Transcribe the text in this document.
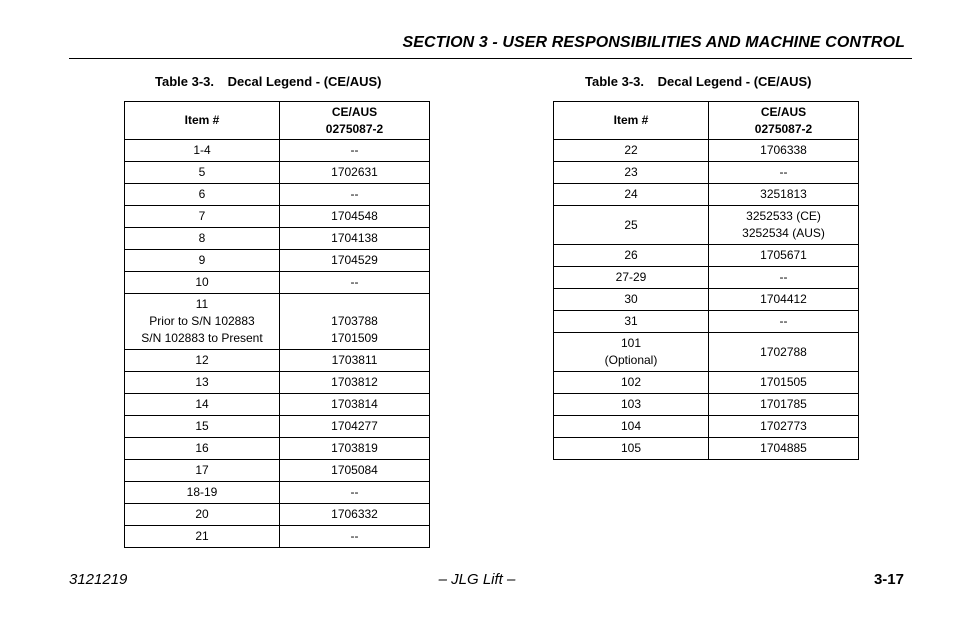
SECTION 3 - USER RESPONSIBILITIES AND MACHINE CONTROL
Table 3-3. Decal Legend - (CE/AUS)	Table 3-3. Decal Legend - (CE/AUS)
Item #	CE/AUS
0275087-2

1-4	--

5	1702631

6	--

7	1704548

8	1704138

9	1704529

10	--

11
Prior to S/N 102883
S/N 102883 to Present	1703788
1701509

12	1703811

13	1703812

14	1703814

15	1704277

16	1703819

17	1705084

18-19	--

20	1706332

21	--
Item #	CE/AUS
0275087-2

22	1706338

23	--

24	3251813

25	3252533 (CE)
3252534 (AUS)

26	1705671

27-29	--

30	1704412

31	--

101
(Optional)	1702788

102	1701505

103	1701785

104	1702773

105	1704885
3121219	– JLG Lift –	3-17
